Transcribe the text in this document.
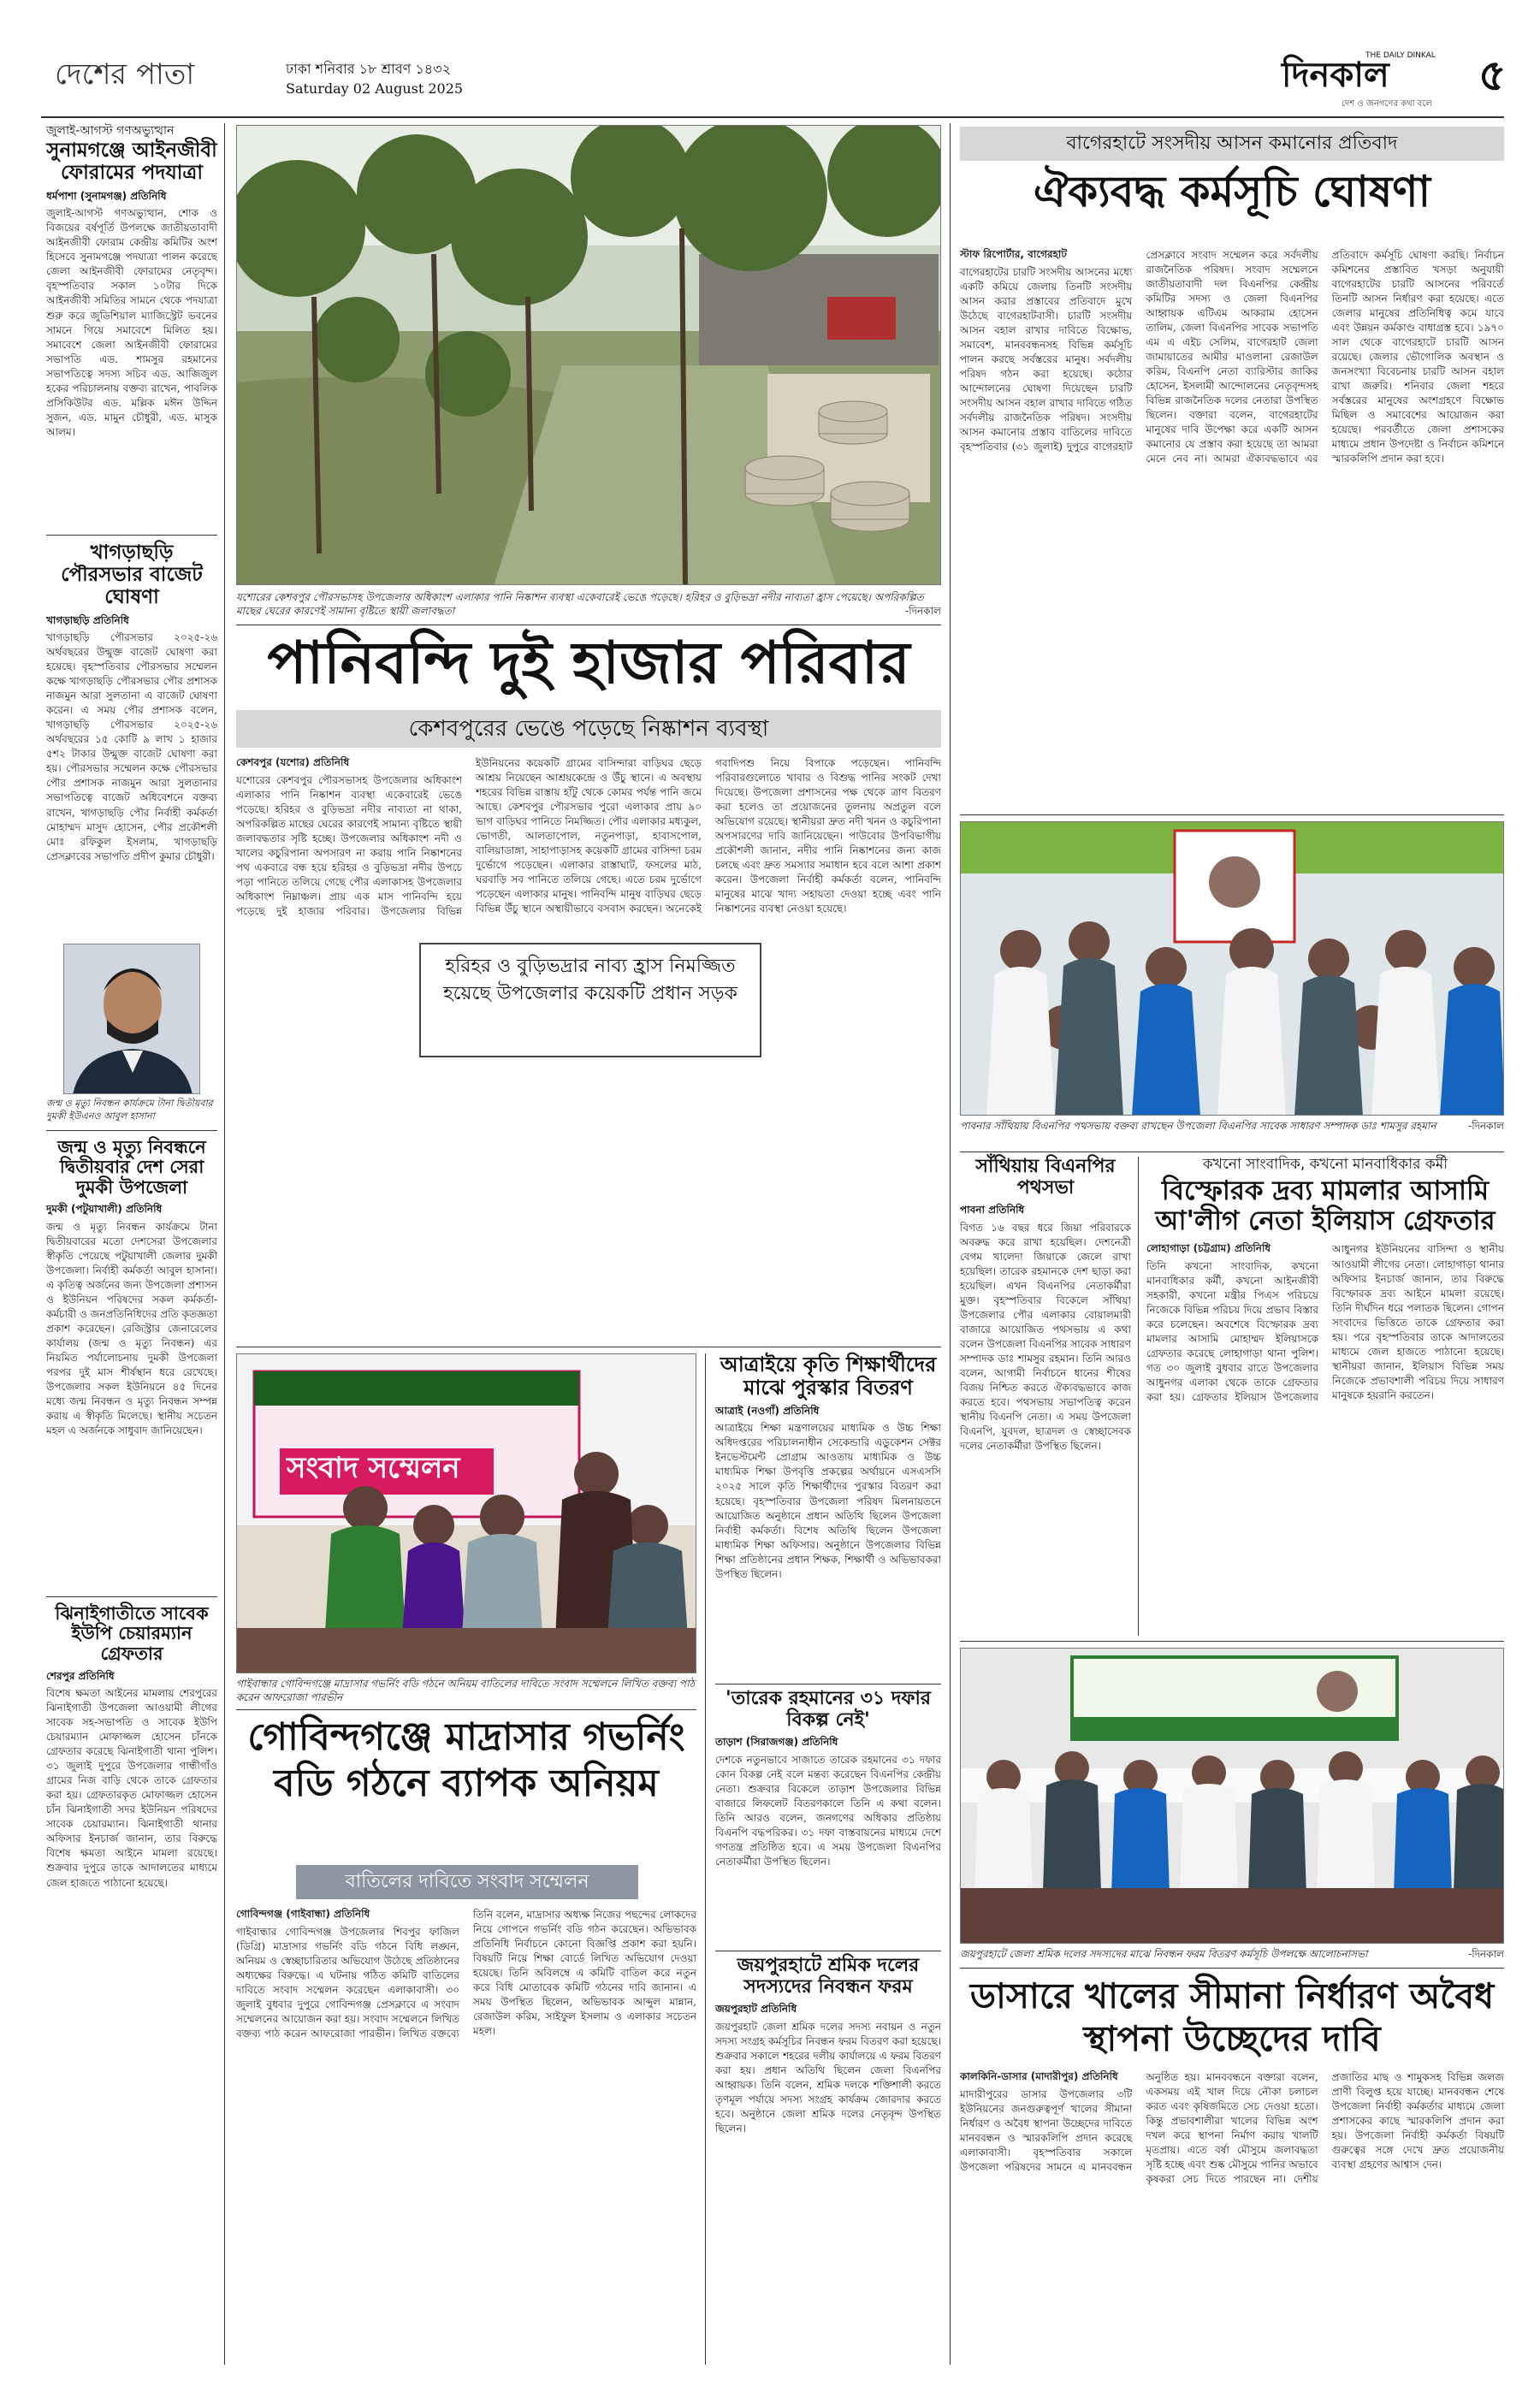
দেশের পাতা	ঢাকা শনিবার ১৮ শ্রাবণ ১৪৩২
Saturday 02 August 2025
THE DAILY DINKAL
দিনকাল
দেশ ও জনগণের কথা বলে
৫
জুলাই-আগস্ট গণঅভ্যুত্থান
সুনামগঞ্জে আইনজীবী ফোরামের পদযাত্রা
ধর্মপাশা (সুনামগঞ্জ) প্রতিনিধি
জুলাই-আগস্ট গণঅভ্যুত্থান, শোক ও বিজয়ের বর্ষপূর্তি উপলক্ষে জাতীয়তাবাদী আইনজীবী ফোরাম কেন্দ্রীয় কমিটির অংশ হিসেবে সুনামগঞ্জে পদযাত্রা পালন করেছে জেলা আইনজীবী ফোরামের নেতৃবৃন্দ। বৃহস্পতিবার সকাল ১০টার দিকে আইনজীবী সমিতির সামনে থেকে পদযাত্রা শুরু করে জুডিশিয়াল ম্যাজিস্ট্রেট ভবনের সামনে গিয়ে সমাবেশে মিলিত হয়। সমাবেশে জেলা আইনজীবী ফোরামের সভাপতি এড. শামসুর রহমানের সভাপতিত্বে সদস্য সচিব এড. আজিজুল হকের পরিচালনায় বক্তব্য রাখেন, পাবলিক প্রসিকিউটর এড. মল্লিক মঈন উদ্দিন সুজন, এড. মামুন চৌধুরী, এড. মাসুক আলম।
খাগড়াছড়ি পৌরসভার বাজেট ঘোষণা
খাগড়াছড়ি প্রতিনিধি
খাগড়াছড়ি পৌরসভার ২০২৫-২৬ অর্থবছরের উন্মুক্ত বাজেট ঘোষণা করা হয়েছে। বৃহস্পতিবার পৌরসভার সম্মেলন কক্ষে খাগড়াছড়ি পৌরসভার পৌর প্রশাসক নাজমুন আরা সুলতানা এ বাজেট ঘোষণা করেন। এ সময় পৌর প্রশাসক বলেন, খাগড়াছড়ি পৌরসভার ২০২৫-২৬ অর্থবছরের ১৫ কোটি ৯ লাখ ১ হাজার ৫শ২ টাকার উন্মুক্ত বাজেট ঘোষণা করা হয়। পৌরসভার সম্মেলন কক্ষে পৌরসভার পৌর প্রশাসক নাজমুন আরা সুলতানার সভাপতিত্বে বাজেট অধিবেশনে বক্তব্য রাখেন, খাগড়াছড়ি পৌর নির্বাহী কর্মকর্তা মোহাম্মদ মাসুদ হোসেন, পৌর প্রকৌশলী মোঃ রফিকুল ইসলাম, খাগড়াছড়ি প্রেসক্লাবের সভাপতি প্রদীপ কুমার চৌধুরী।
জন্ম ও মৃত্যু নিবন্ধন কার্যক্রমে টানা দ্বিতীয়বার দুমকী ইউএনও আবুল হাসানা
জন্ম ও মৃত্যু নিবন্ধনে দ্বিতীয়বার দেশ সেরা দুমকী উপজেলা
দুমকী (পটুয়াখালী) প্রতিনিধি
জন্ম ও মৃত্যু নিবন্ধন কার্যক্রমে টানা দ্বিতীয়বারের মতো দেশসেরা উপজেলার স্বীকৃতি পেয়েছে পটুয়াখালী জেলার দুমকী উপজেলা। নির্বাহী কর্মকর্তা আবুল হাসানা। এ কৃতিত্ব অর্জনের জন্য উপজেলা প্রশাসন ও ইউনিয়ন পরিষদের সকল কর্মকর্তা-কর্মচারী ও জনপ্রতিনিধিদের প্রতি কৃতজ্ঞতা প্রকাশ করেছেন। রেজিস্ট্রার জেনারেলের কার্যালয় (জন্ম ও মৃত্যু নিবন্ধন) এর নিয়মিত পর্যালোচনায় দুমকী উপজেলা পরপর দুই মাস শীর্ষস্থান ধরে রেখেছে। উপজেলার সকল ইউনিয়নে ৪৫ দিনের মধ্যে জন্ম নিবন্ধন ও মৃত্যু নিবন্ধন সম্পন্ন করায় এ স্বীকৃতি মিলেছে। স্থানীয় সচেতন মহল এ অর্জনকে সাধুবাদ জানিয়েছেন।
ঝিনাইগাতীতে সাবেক ইউপি চেয়ারম্যান গ্রেফতার
শেরপুর প্রতিনিধি
বিশেষ ক্ষমতা আইনের মামলায় শেরপুরের ঝিনাইগাতী উপজেলা আওয়ামী লীগের সাবেক সহ-সভাপতি ও সাবেক ইউপি চেয়ারম্যান মোফাজ্জল হোসেন চাঁনকে গ্রেফতার করেছে ঝিনাইগাতী থানা পুলিশ। ৩১ জুলাই দুপুরে উপজেলার গান্ধীগাঁও গ্রামের নিজ বাড়ি থেকে তাকে গ্রেফতার করা হয়। গ্রেফতারকৃত মোফাজ্জল হোসেন চাঁন ঝিনাইগাতী সদর ইউনিয়ন পরিষদের সাবেক চেয়ারম্যান। ঝিনাইগাতী থানার অফিসার ইনচার্জ জানান, তার বিরুদ্ধে বিশেষ ক্ষমতা আইনে মামলা রয়েছে। শুক্রবার দুপুরে তাকে আদালতের মাধ্যমে জেল হাজতে পাঠানো হয়েছে।
যশোরের কেশবপুর পৌরসভাসহ উপজেলার অধিকাংশ এলাকার পানি নিষ্কাশন ব্যবস্থা একেবারেই ভেঙে পড়েছে। হরিহর ও বুড়িভদ্রা নদীর নাব্যতা হ্রাস পেয়েছে। অপরিকল্পিত মাছের ঘেরের কারণেই সামান্য বৃষ্টিতে স্থায়ী জলাবদ্ধতা	-দিনকাল
পানিবন্দি দুই হাজার পরিবার
কেশবপুরের ভেঙে পড়েছে নিষ্কাশন ব্যবস্থা
হরিহর ও বুড়িভদ্রার নাব্য হ্রাস নিমজ্জিত হয়েছে উপজেলার কয়েকটি প্রধান সড়ক
কেশবপুর (যশোর) প্রতিনিধি
যশোরের কেশবপুর পৌরসভাসহ উপজেলার অধিকাংশ এলাকার পানি নিষ্কাশন ব্যবস্থা একেবারেই ভেঙে পড়েছে। হরিহর ও বুড়িভদ্রা নদীর নাব্যতা না থাকা, অপরিকল্পিত মাছের ঘেরের কারণেই সামান্য বৃষ্টিতে স্থায়ী জলাবদ্ধতার সৃষ্টি হচ্ছে। উপজেলার অধিকাংশ নদী ও খালের কচুরিপানা অপসারণ না করায় পানি নিষ্কাশনের পথ একবারে বন্ধ হয়ে হরিহর ও বুড়িভদ্রা নদীর উপচে পড়া পানিতে তলিয়ে গেছে পৌর এলাকাসহ উপজেলার অধিকাংশ নিম্নাঞ্চল। প্রায় এক মাস পানিবন্দি হয়ে পড়েছে দুই হাজার পরিবার। উপজেলার বিভিন্ন ইউনিয়নের কয়েকটি গ্রামের বাসিন্দারা বাড়িঘর ছেড়ে আশ্রয় নিয়েছেন আশ্রয়কেন্দ্রে ও উঁচু স্থানে। এ অবস্থায় শহরের বিভিন্ন রাস্তায় হাঁটু থেকে কোমর পর্যন্ত পানি জমে আছে। কেশবপুর পৌরসভার পুরো এলাকার প্রায় ৯০ ভাগ বাড়িঘর পানিতে নিমজ্জিত। পৌর এলাকার মধ্যকুল, ভোগতী, আলতাপোল, নতুনপাড়া, হাবাসপোল, বালিয়াডাঙ্গা, সাহাপাড়াসহ কয়েকটি গ্রামের বাসিন্দা চরম দুর্ভোগে পড়েছেন। এলাকার রাস্তাঘাট, ফসলের মাঠ, ঘরবাড়ি সব পানিতে তলিয়ে গেছে। এতে চরম দুর্ভোগে পড়েছেন এলাকার মানুষ। পানিবন্দি মানুষ বাড়িঘর ছেড়ে বিভিন্ন উঁচু স্থানে অস্থায়ীভাবে বসবাস করছেন। অনেকেই গবাদিপশু নিয়ে বিপাকে পড়েছেন। পানিবন্দি পরিবারগুলোতে খাবার ও বিশুদ্ধ পানির সংকট দেখা দিয়েছে। উপজেলা প্রশাসনের পক্ষ থেকে ত্রাণ বিতরণ করা হলেও তা প্রয়োজনের তুলনায় অপ্রতুল বলে অভিযোগ রয়েছে। স্থানীয়রা দ্রুত নদী খনন ও কচুরিপানা অপসারণের দাবি জানিয়েছেন। পাউবোর উপবিভাগীয় প্রকৌশলী জানান, নদীর পানি নিষ্কাশনের জন্য কাজ চলছে এবং দ্রুত সমস্যার সমাধান হবে বলে আশা প্রকাশ করেন। উপজেলা নির্বাহী কর্মকর্তা বলেন, পানিবন্দি মানুষের মাঝে খাদ্য সহায়তা দেওয়া হচ্ছে এবং পানি নিষ্কাশনের ব্যবস্থা নেওয়া হয়েছে।
সংবাদ সম্মেলন
গাইবান্ধার গোবিন্দগঞ্জে মাদ্রাসার গভর্নিং বডি গঠনে অনিয়ম বাতিলের দাবিতে সংবাদ সম্মেলনে লিখিত বক্তব্য পাঠ করেন আফরোজা পারভীন
গোবিন্দগঞ্জে মাদ্রাসার গভর্নিং বডি গঠনে ব্যাপক অনিয়ম
বাতিলের দাবিতে সংবাদ সম্মেলন
গোবিন্দগঞ্জ (গাইবান্ধা) প্রতিনিধি
গাইবান্ধার গোবিন্দগঞ্জ উপজেলার শিবপুর ফাজিল (ডিগ্রি) মাদ্রাসার গভর্নিং বডি গঠনে বিধি লঙ্ঘন, অনিয়ম ও স্বেচ্ছাচারিতার অভিযোগ উঠেছে প্রতিষ্ঠানের অধ্যক্ষের বিরুদ্ধে। এ ঘটনায় গঠিত কমিটি বাতিলের দাবিতে সংবাদ সম্মেলন করেছেন এলাকাবাসী। ৩০ জুলাই বুধবার দুপুরে গোবিন্দগঞ্জ প্রেসক্লাবে এ সংবাদ সম্মেলনের আয়োজন করা হয়। সংবাদ সম্মেলনে লিখিত বক্তব্য পাঠ করেন আফরোজা পারভীন। লিখিত বক্তব্যে তিনি বলেন, মাদ্রাসার অধ্যক্ষ নিজের পছন্দের লোকদের নিয়ে গোপনে গভর্নিং বডি গঠন করেছেন। অভিভাবক প্রতিনিধি নির্বাচনে কোনো বিজ্ঞপ্তি প্রকাশ করা হয়নি। বিষয়টি নিয়ে শিক্ষা বোর্ডে লিখিত অভিযোগ দেওয়া হয়েছে। তিনি অবিলম্বে এ কমিটি বাতিল করে নতুন করে বিধি মোতাবেক কমিটি গঠনের দাবি জানান। এ সময় উপস্থিত ছিলেন, অভিভাবক আব্দুল মান্নান, রেজাউল করিম, সাইফুল ইসলাম ও এলাকার সচেতন মহল।
আত্রাইয়ে কৃতি শিক্ষার্থীদের মাঝে পুরস্কার বিতরণ
আত্রাই (নওগাঁ) প্রতিনিধি
আত্রাইয়ে শিক্ষা মন্ত্রণালয়ের মাধ্যমিক ও উচ্চ শিক্ষা অধিদপ্তরের পরিচালনাধীন সেকেন্ডারি এডুকেশন সেক্টর ইনভেস্টমেন্ট প্রোগ্রাম আওতায় মাধ্যমিক ও উচ্চ মাধ্যমিক শিক্ষা উপবৃত্তি প্রকল্পের অর্থায়নে এসএসসি ২০২৫ সালে কৃতি শিক্ষার্থীদের পুরস্কার বিতরণ করা হয়েছে। বৃহস্পতিবার উপজেলা পরিষদ মিলনায়তনে আয়োজিত অনুষ্ঠানে প্রধান অতিথি ছিলেন উপজেলা নির্বাহী কর্মকর্তা। বিশেষ অতিথি ছিলেন উপজেলা মাধ্যমিক শিক্ষা অফিসার। অনুষ্ঠানে উপজেলার বিভিন্ন শিক্ষা প্রতিষ্ঠানের প্রধান শিক্ষক, শিক্ষার্থী ও অভিভাবকরা উপস্থিত ছিলেন।
'তারেক রহমানের ৩১ দফার বিকল্প নেই'
তাড়াশ (সিরাজগঞ্জ) প্রতিনিধি
দেশকে নতুনভাবে সাজাতে তারেক রহমানের ৩১ দফার কোন বিকল্প নেই বলে মন্তব্য করেছেন বিএনপির কেন্দ্রীয় নেতা। শুক্রবার বিকেলে তাড়াশ উপজেলার বিভিন্ন বাজারে লিফলেট বিতরণকালে তিনি এ কথা বলেন। তিনি আরও বলেন, জনগণের অধিকার প্রতিষ্ঠায় বিএনপি বদ্ধপরিকর। ৩১ দফা বাস্তবায়নের মাধ্যমে দেশে গণতন্ত্র প্রতিষ্ঠিত হবে। এ সময় উপজেলা বিএনপির নেতাকর্মীরা উপস্থিত ছিলেন।
জয়পুরহাটে শ্রমিক দলের সদস্যদের নিবন্ধন ফরম
জয়পুরহাট প্রতিনিধি
জয়পুরহাট জেলা শ্রমিক দলের সদস্য নবায়ন ও নতুন সদস্য সংগ্রহ কর্মসূচির নিবন্ধন ফরম বিতরণ করা হয়েছে। শুক্রবার সকালে শহরের দলীয় কার্যালয়ে এ ফরম বিতরণ করা হয়। প্রধান অতিথি ছিলেন জেলা বিএনপির আহ্বায়ক। তিনি বলেন, শ্রমিক দলকে শক্তিশালী করতে তৃণমূল পর্যায়ে সদস্য সংগ্রহ কার্যক্রম জোরদার করতে হবে। অনুষ্ঠানে জেলা শ্রমিক দলের নেতৃবৃন্দ উপস্থিত ছিলেন।
বাগেরহাটে সংসদীয় আসন কমানোর প্রতিবাদ
ঐক্যবদ্ধ কর্মসূচি ঘোষণা
স্টাফ রিপোর্টার, বাগেরহাট
বাগেরহাটের চারটি সংসদীয় আসনের মধ্যে একটি কমিয়ে জেলায় তিনটি সংসদীয় আসন করার প্রস্তাবের প্রতিবাদে মুখে উঠেছে বাগেরহাটবাসী। চারটি সংসদীয় আসন বহাল রাখার দাবিতে বিক্ষোভ, সমাবেশ, মানববন্ধনসহ বিভিন্ন কর্মসূচি পালন করছে সর্বস্তরের মানুষ। সর্বদলীয় পরিষদ গঠন করা হয়েছে। কঠোর আন্দোলনের ঘোষণা দিয়েছেন চারটি সংসদীয় আসন বহাল রাখার দাবিতে গঠিত সর্বদলীয় রাজনৈতিক পরিষদ। সংসদীয় আসন কমানোর প্রস্তাব বাতিলের দাবিতে বৃহস্পতিবার (৩১ জুলাই) দুপুরে বাগেরহাট প্রেসক্লাবে সংবাদ সম্মেলন করে সর্বদলীয় রাজনৈতিক পরিষদ। সংবাদ সম্মেলনে জাতীয়তাবাদী দল বিএনপির কেন্দ্রীয় কমিটির সদস্য ও জেলা বিএনপির আহ্বায়ক এটিএম আকরাম হোসেন তালিম, জেলা বিএনপির সাবেক সভাপতি এম এ এইচ সেলিম, বাগেরহাট জেলা জামায়াতের আমীর মাওলানা রেজাউল করিম, বিএনপি নেতা ব্যারিস্টার জাকির হোসেন, ইসলামী আন্দোলনের নেতৃবৃন্দসহ বিভিন্ন রাজনৈতিক দলের নেতারা উপস্থিত ছিলেন। বক্তারা বলেন, বাগেরহাটের মানুষের দাবি উপেক্ষা করে একটি আসন কমানোর যে প্রস্তাব করা হয়েছে তা আমরা মেনে নেব না। আমরা ঐক্যবদ্ধভাবে এর প্রতিবাদে কর্মসূচি ঘোষণা করছি। নির্বাচন কমিশনের প্রস্তাবিত খসড়া অনুযায়ী বাগেরহাটের চারটি আসনের পরিবর্তে তিনটি আসন নির্ধারণ করা হয়েছে। এতে জেলার মানুষের প্রতিনিধিত্ব কমে যাবে এবং উন্নয়ন কর্মকাণ্ড বাধাগ্রস্ত হবে। ১৯৭০ সাল থেকে বাগেরহাটে চারটি আসন রয়েছে। জেলার ভৌগোলিক অবস্থান ও জনসংখ্যা বিবেচনায় চারটি আসন বহাল রাখা জরুরি। শনিবার জেলা শহরে সর্বস্তরের মানুষের অংশগ্রহণে বিক্ষোভ মিছিল ও সমাবেশের আয়োজন করা হয়েছে। পরবর্তীতে জেলা প্রশাসকের মাধ্যমে প্রধান উপদেষ্টা ও নির্বাচন কমিশনে স্মারকলিপি প্রদান করা হবে।
পাবনার সাঁথিয়ায় বিএনপির পথসভায় বক্তব্য রাখছেন উপজেলা বিএনপির সাবেক সাধারণ সম্পাদক ডাঃ শামসুর রহমান	-দিনকাল
সাঁথিয়ায় বিএনপির পথসভা
পাবনা প্রতিনিধি
বিগত ১৬ বছর ধরে জিয়া পরিবারকে অবরুদ্ধ করে রাখা হয়েছিল। দেশনেত্রী বেগম খালেদা জিয়াকে জেলে রাখা হয়েছিল। তারেক রহমানকে দেশ ছাড়া করা হয়েছিল। এখন বিএনপির নেতাকর্মীরা মুক্ত। বৃহস্পতিবার বিকেলে সাঁথিয়া উপজেলার পৌর এলাকার বোয়ালমারী বাজারে আয়োজিত পথসভায় এ কথা বলেন উপজেলা বিএনপির সাবেক সাধারণ সম্পাদক ডাঃ শামসুর রহমান। তিনি আরও বলেন, আগামী নির্বাচনে ধানের শীষের বিজয় নিশ্চিত করতে ঐক্যবদ্ধভাবে কাজ করতে হবে। পথসভায় সভাপতিত্ব করেন স্থানীয় বিএনপি নেতা। এ সময় উপজেলা বিএনপি, যুবদল, ছাত্রদল ও স্বেচ্ছাসেবক দলের নেতাকর্মীরা উপস্থিত ছিলেন।
কখনো সাংবাদিক, কখনো মানবাধিকার কর্মী
বিস্ফোরক দ্রব্য মামলার আসামি আ'লীগ নেতা ইলিয়াস গ্রেফতার
লোহাগাড়া (চট্টগ্রাম) প্রতিনিধি
তিনি কখনো সাংবাদিক, কখনো মানবাধিকার কর্মী, কখনো আইনজীবী সহকারী, কখনো মন্ত্রীর পিএস পরিচয়ে নিজেকে বিভিন্ন পরিচয় দিয়ে প্রভাব বিস্তার করে চলেছেন। অবশেষে বিস্ফোরক দ্রব্য মামলার আসামি মোহাম্মদ ইলিয়াসকে গ্রেফতার করেছে লোহাগাড়া থানা পুলিশ। গত ৩০ জুলাই বুধবার রাতে উপজেলার আধুনগর এলাকা থেকে তাকে গ্রেফতার করা হয়। গ্রেফতার ইলিয়াস উপজেলার আধুনগর ইউনিয়নের বাসিন্দা ও স্থানীয় আওয়ামী লীগের নেতা। লোহাগাড়া থানার অফিসার ইনচার্জ জানান, তার বিরুদ্ধে বিস্ফোরক দ্রব্য আইনে মামলা রয়েছে। তিনি দীর্ঘদিন ধরে পলাতক ছিলেন। গোপন সংবাদের ভিত্তিতে তাকে গ্রেফতার করা হয়। পরে বৃহস্পতিবার তাকে আদালতের মাধ্যমে জেল হাজতে পাঠানো হয়েছে। স্থানীয়রা জানান, ইলিয়াস বিভিন্ন সময় নিজেকে প্রভাবশালী পরিচয় দিয়ে সাধারণ মানুষকে হয়রানি করতেন।
জয়পুরহাটে জেলা শ্রমিক দলের সদস্যদের মাঝে নিবন্ধন ফরম বিতরণ কর্মসূচি উপলক্ষে আলোচনাসভা	-দিনকাল
ডাসারে খালের সীমানা নির্ধারণ অবৈধ স্থাপনা উচ্ছেদের দাবি
কালকিনি-ডাসার (মাদারীপুর) প্রতিনিধি
মাদারীপুরের ডাসার উপজেলার ৩টি ইউনিয়নের জনগুরুত্বপূর্ণ খালের সীমানা নির্ধারণ ও অবৈধ স্থাপনা উচ্ছেদের দাবিতে মানববন্ধন ও স্মারকলিপি প্রদান করেছে এলাকাবাসী। বৃহস্পতিবার সকালে উপজেলা পরিষদের সামনে এ মানববন্ধন অনুষ্ঠিত হয়। মানববন্ধনে বক্তারা বলেন, একসময় এই খাল দিয়ে নৌকা চলাচল করত এবং কৃষিজমিতে সেচ দেওয়া হতো। কিন্তু প্রভাবশালীরা খালের বিভিন্ন অংশ দখল করে স্থাপনা নির্মাণ করায় খালটি মৃতপ্রায়। এতে বর্ষা মৌসুমে জলাবদ্ধতা সৃষ্টি হচ্ছে এবং শুষ্ক মৌসুমে পানির অভাবে কৃষকরা সেচ দিতে পারছেন না। দেশীয় প্রজাতির মাছ ও শামুকসহ বিভিন্ন জলজ প্রাণী বিলুপ্ত হয়ে যাচ্ছে। মানববন্ধন শেষে উপজেলা নির্বাহী কর্মকর্তার মাধ্যমে জেলা প্রশাসকের কাছে স্মারকলিপি প্রদান করা হয়। উপজেলা নির্বাহী কর্মকর্তা বিষয়টি গুরুত্বের সঙ্গে দেখে দ্রুত প্রয়োজনীয় ব্যবস্থা গ্রহণের আশ্বাস দেন।
